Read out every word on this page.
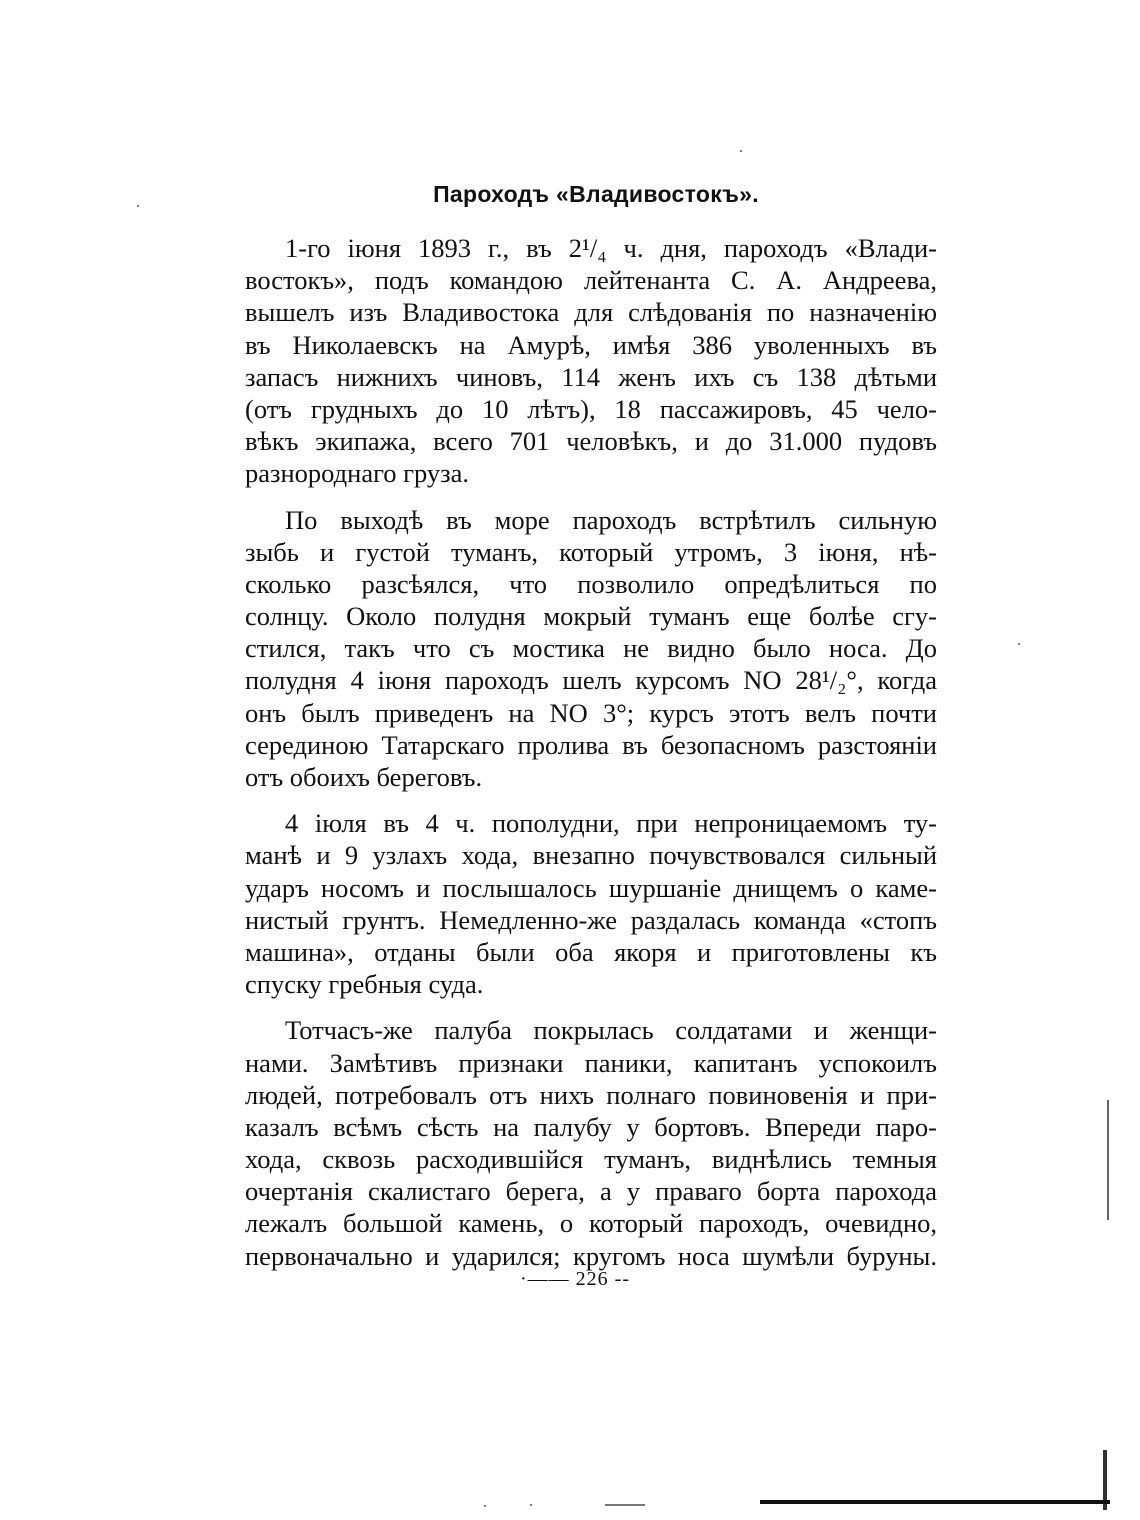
Пароходъ «Владивостокъ».
1-го іюня 1893 г., въ 2¹/₄ ч. дня, пароходъ «Влади-
востокъ», подъ командою лейтенанта С. А. Андреева,
вышелъ изъ Владивостока для слѣдованія по назначенію
въ Николаевскъ на Амурѣ, имѣя 386 уволенныхъ въ
запасъ нижнихъ чиновъ, 114 женъ ихъ съ 138 дѣтьми
(отъ грудныхъ до 10 лѣтъ), 18 пассажировъ, 45 чело-
вѣкъ экипажа, всего 701 человѣкъ, и до 31.000 пудовъ
разнороднаго груза.
По выходѣ въ море пароходъ встрѣтилъ сильную
зыбь и густой туманъ, который утромъ, 3 іюня, нѣ-
сколько разсѣялся, что позволило опредѣлиться по
солнцу. Около полудня мокрый туманъ еще болѣе сгу-
стился, такъ что съ мостика не видно было носа. До
полудня 4 іюня пароходъ шелъ курсомъ NO 28¹/₂°, когда
онъ былъ приведенъ на NO 3°; курсъ этотъ велъ почти
серединою Татарскаго пролива въ безопасномъ разстояніи
отъ обоихъ береговъ.
4 іюля въ 4 ч. пополудни, при непроницаемомъ ту-
манѣ и 9 узлахъ хода, внезапно почувствовался сильный
ударъ носомъ и послышалось шуршаніе днищемъ о камe-
нистый грунтъ. Немедленно-же раздалась команда «стопъ
машина», отданы были оба якоря и приготовлены къ
спуску гребныя суда.
Тотчасъ-же палуба покрылась солдатами и женщи-
нами. Замѣтивъ признаки паники, капитанъ успокоилъ
людей, потребовалъ отъ нихъ полнаго повиновенія и при-
казалъ всѣмъ сѣсть на палубу у бортовъ. Впереди паро-
хода, сквозь расходившійся туманъ, виднѣлись темныя
очертанія скалистаго берега, а у праваго борта парохода
лежалъ большой камень, о который пароходъ, очевидно,
первоначально и ударился; кругомъ носа шумѣли буруны.
·—— 226 --
